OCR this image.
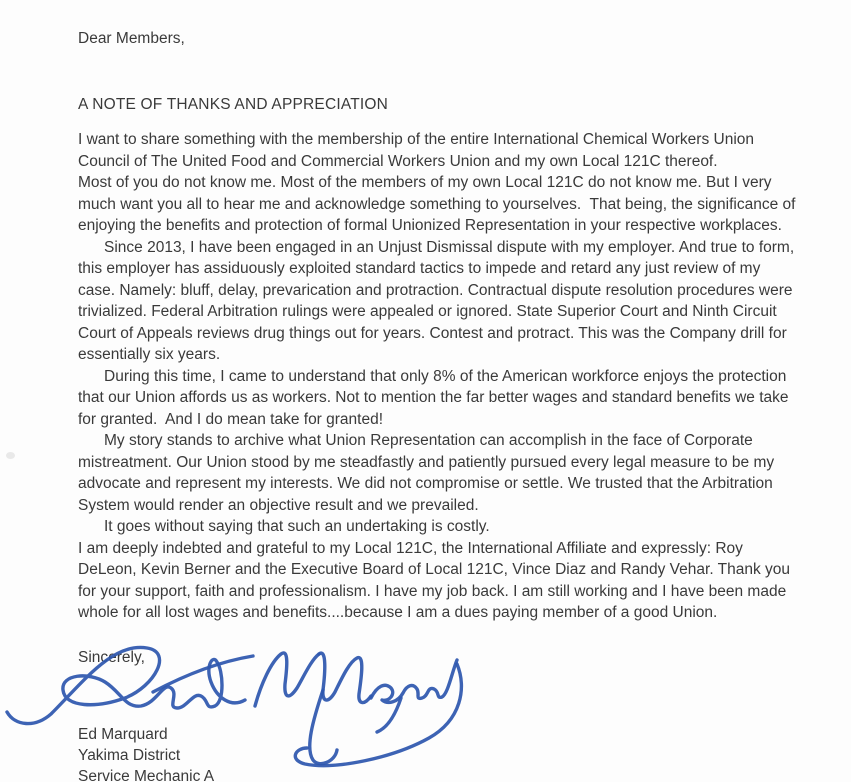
Dear Members,

A NOTE OF THANKS AND APPRECIATION

I want to share something with the membership of the entire International Chemical Workers Union Council of The United Food and Commercial Workers Union and my own Local 121C thereof.

Most of you do not know me. Most of the members of my own Local 121C do not know me. But I very much want you all to hear me and acknowledge something to yourselves.  That being, the significance of enjoying the benefits and protection of formal Unionized Representation in your respective workplaces.

Since 2013, I have been engaged in an Unjust Dismissal dispute with my employer. And true to form, this employer has assiduously exploited standard tactics to impede and retard any just review of my case. Namely: bluff, delay, prevarication and protraction. Contractual dispute resolution procedures were trivialized. Federal Arbitration rulings were appealed or ignored. State Superior Court and Ninth Circuit Court of Appeals reviews drug things out for years. Contest and protract. This was the Company drill for essentially six years.

During this time, I came to understand that only 8% of the American workforce enjoys the protection that our Union affords us as workers. Not to mention the far better wages and standard benefits we take for granted.  And I do mean take for granted!

My story stands to archive what Union Representation can accomplish in the face of Corporate mistreatment. Our Union stood by me steadfastly and patiently pursued every legal measure to be my advocate and represent my interests. We did not compromise or settle. We trusted that the Arbitration System would render an objective result and we prevailed.

It goes without saying that such an undertaking is costly.

I am deeply indebted and grateful to my Local 121C, the International Affiliate and expressly: Roy DeLeon, Kevin Berner and the Executive Board of Local 121C, Vince Diaz and Randy Vehar. Thank you for your support, faith and professionalism. I have my job back. I am still working and I have been made whole for all lost wages and benefits....because I am a dues paying member of a good Union.

Sincerely,

Ed Marquard

Yakima District

Service Mechanic A
